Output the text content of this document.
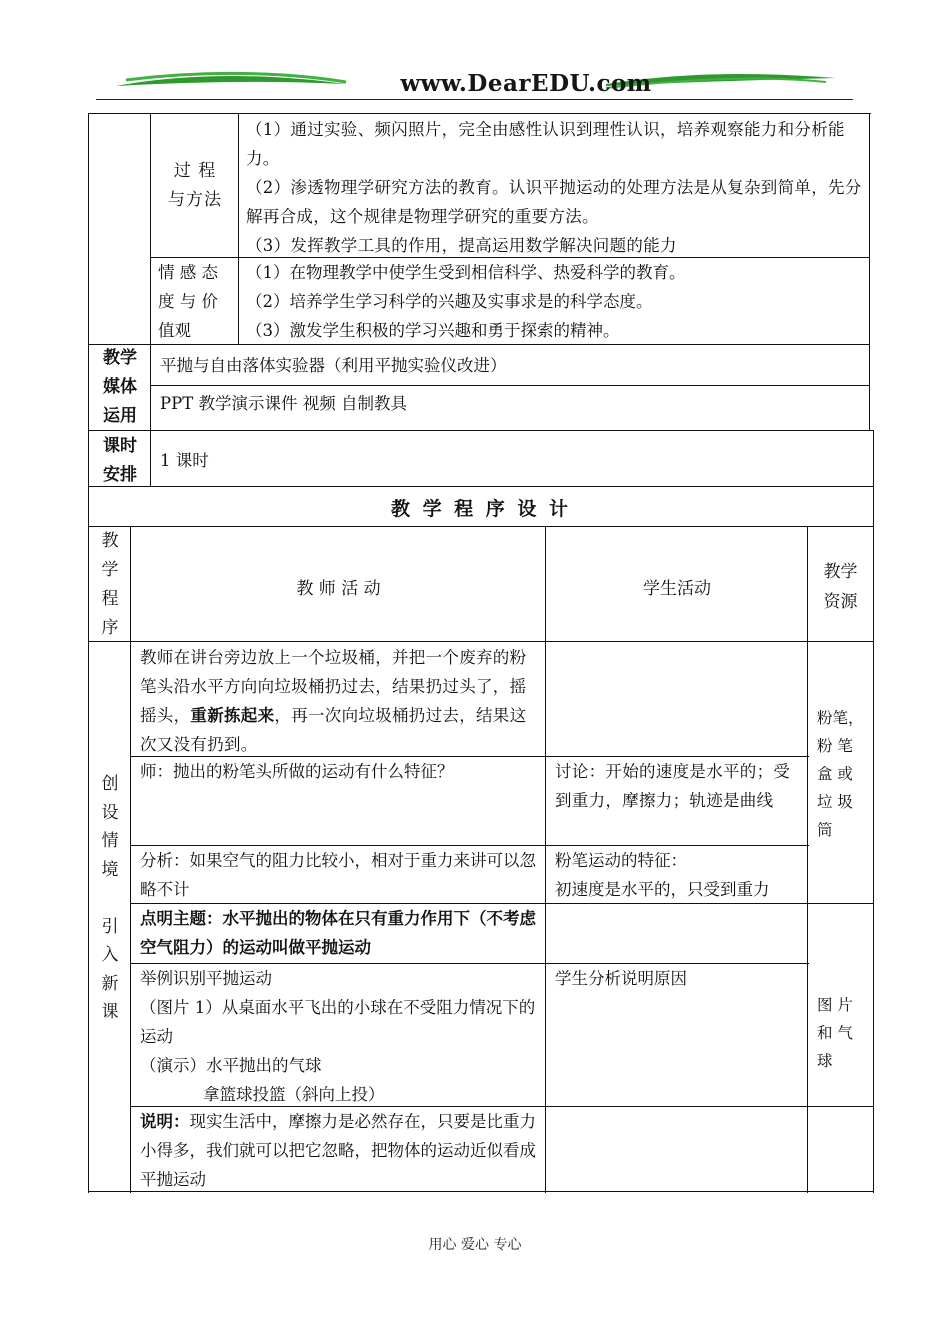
www.DearEDU.com
过 程
与方法
（1）通过实验、频闪照片，完全由感性认识到理性认识，培养观察能力和分析能力。
（2）渗透物理学研究方法的教育。认识平抛运动的处理方法是从复杂到简单，先分解再合成，这个规律是物理学研究的重要方法。
（3）发挥教学工具的作用，提高运用数学解决问题的能力
情 感 态
度 与 价
值观
（1）在物理教学中使学生受到相信科学、热爱科学的教育。
（2）培养学生学习科学的兴趣及实事求是的科学态度。
（3）激发学生积极的学习兴趣和勇于探索的精神。
教学
媒体
运用
平抛与自由落体实验器（利用平抛实验仪改进）
PPT 教学演示课件 视频 自制教具
课时
安排
1 课时
教 学 程 序 设 计
教
学
程
序
教 师 活 动	学生活动
教学
资源
创
设
情
境

引
入
新
课
教师在讲台旁边放上一个垃圾桶，并把一个废弃的粉笔头沿水平方向向垃圾桶扔过去，结果扔过头了，摇摇头，重新拣起来，再一次向垃圾桶扔过去，结果这次又没有扔到。
师：抛出的粉笔头所做的运动有什么特征？	讨论：开始的速度是水平的；受到重力，摩擦力；轨迹是曲线
分析：如果空气的阻力比较小，相对于重力来讲可以忽略不计
粉笔运动的特征：
初速度是水平的，只受到重力
点明主题：水平抛出的物体在只有重力作用下（不考虑空气阻力）的运动叫做平抛运动
举例识别平抛运动
（图片 1）从桌面水平飞出的小球在不受阻力情况下的运动
（演示）水平抛出的气球
拿篮球投篮（斜向上投）
学生分析说明原因
说明：现实生活中，摩擦力是必然存在，只要是比重力小得多，我们就可以把它忽略，把物体的运动近似看成平抛运动
粉笔，
粉 笔
盒 或
垃 圾
筒
图 片
和 气
球
用心 爱心 专心
